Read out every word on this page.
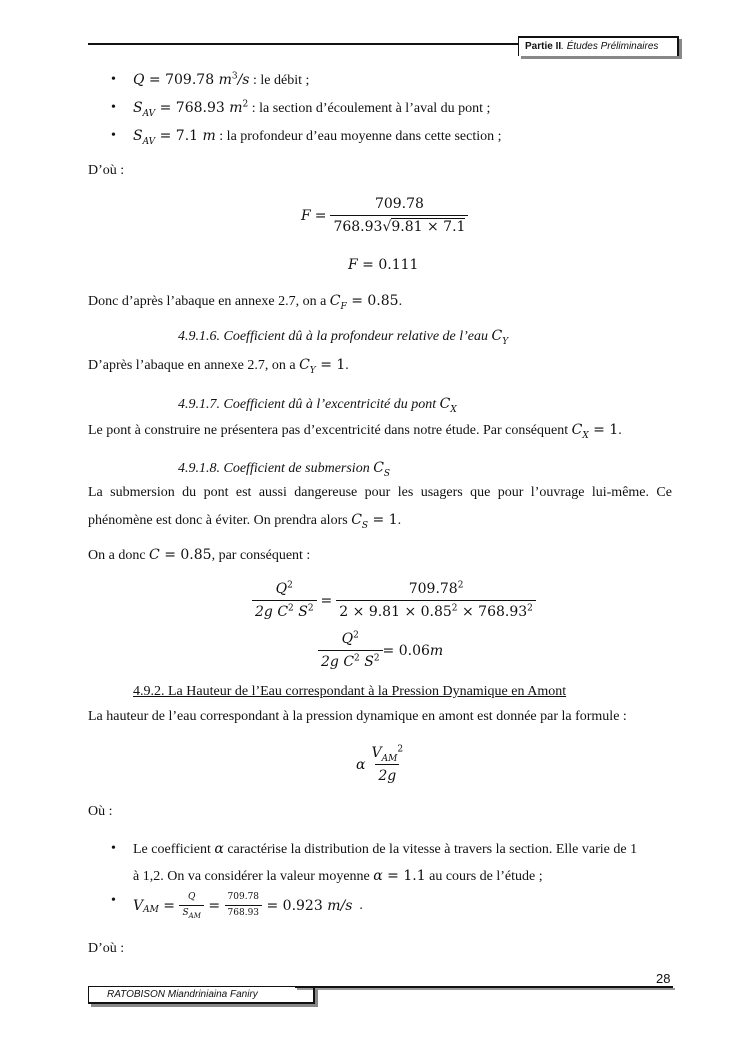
Partie II. Études Préliminaires
• Q = 709.78 $m^3/s$ : le débit ;
• $S_{AV} = 768.93$ $m^2$ : la section d’écoulement à l’aval du pont ;
• $S_{AV} = 7.1$ m : la profondeur d’eau moyenne dans cette section ;
D’où :
$F = \frac{709.78}{768.93√9.81 \times 7.1}$
F = 0.111
Donc d’après l’abaque en annexe 2.7, on a $C_F = 0.85$.
4.9.1.6. Coefficient dû à la profondeur relative de l’eau $C_Y$
D’après l’abaque en annexe 2.7, on a $C_Y = 1$.
4.9.1.7. Coefficient dû à l’excentricité du pont $C_X$
Le pont à construire ne présentera pas d’excentricité dans notre étude. Par conséquent $C_X = 1$.
4.9.1.8. Coefficient de submersion $C_S$
La submersion du pont est aussi dangereuse pour les usagers que pour l’ouvrage lui-même. Ce
phénomène est donc à éviter. On prendra alors $C_S = 1$.
On a donc C = 0.85, par conséquent :
$\frac{Q^2}{2g C^2 S^2} = \frac{709.78^2}{2 \times 9.81 \times 0.85^2 \times 768.93^2}$
$\frac{Q^2}{2g C^2 S^2} = 0.06$ m
4.9.2. La Hauteur de l’Eau correspondant à la Pression Dynamique en Amont
La hauteur de l’eau correspondant à la pression dynamique en amont est donnée par la formule :
α $\frac{V_{AM}^2}{2g}$
Où :
• Le coefficient α caractérise la distribution de la vitesse à travers la section. Elle varie de 1
à 1,2. On va considérer la valeur moyenne α = 1.1 au cours de l’étude ;
• $V_{AM} = \frac{Q}{S_{AM}} = \frac{709.78}{768.93} = 0.923$ m/s .
D’où :
28
RATOBISON Miandriniaina Faniry
